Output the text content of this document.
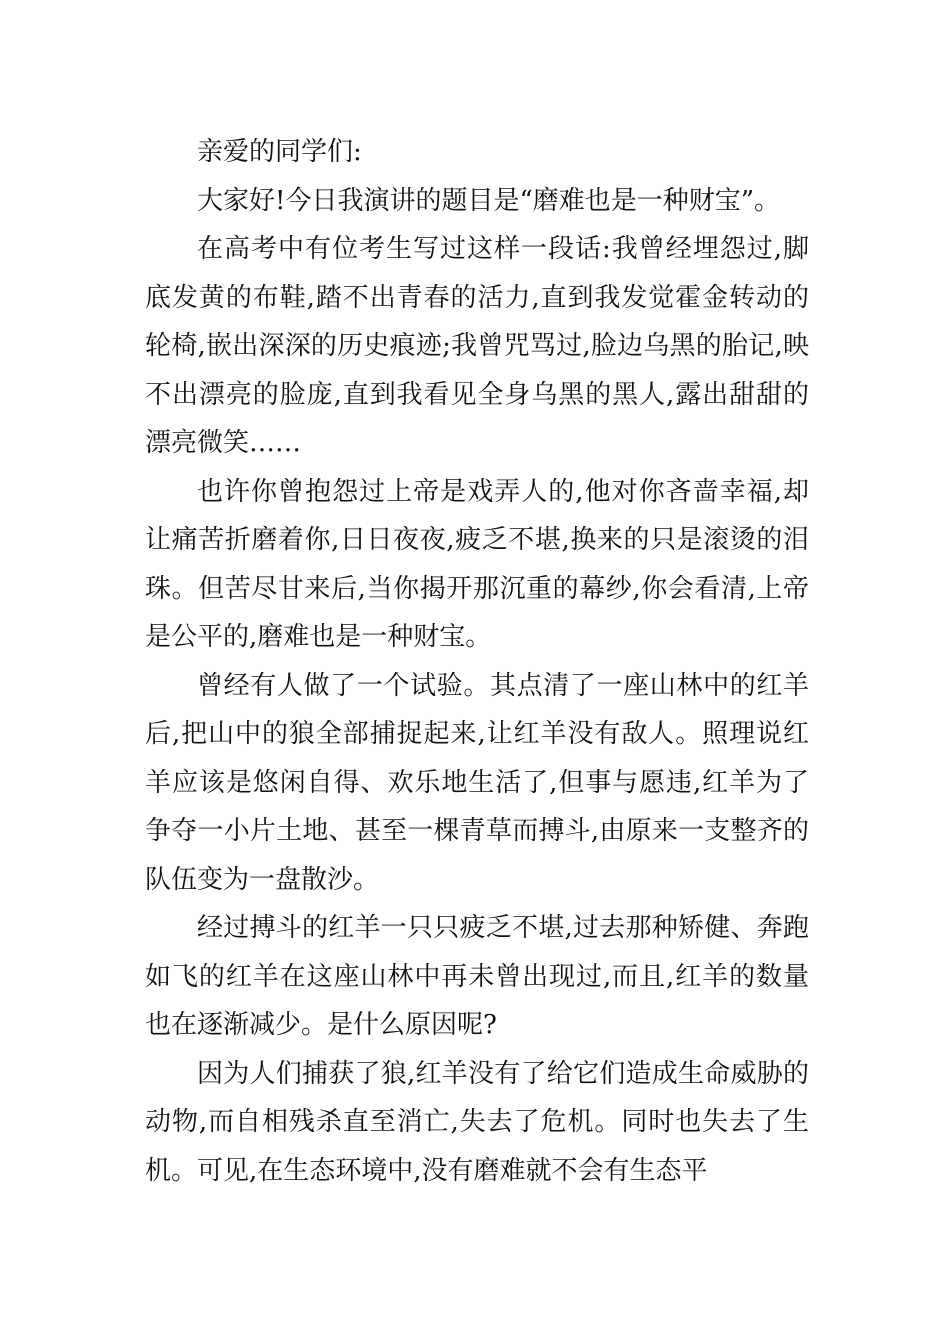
亲爱的同学们:

大家好!今日我演讲的题目是“磨难也是一种财宝”。

在高考中有位考生写过这样一段话:我曾经埋怨过,脚底发黄的布鞋,踏不出青春的活力,直到我发觉霍金转动的轮椅,嵌出深深的历史痕迹;我曾咒骂过,脸边乌黑的胎记,映不出漂亮的脸庞,直到我看见全身乌黑的黑人,露出甜甜的漂亮微笑……

也许你曾抱怨过上帝是戏弄人的,他对你吝啬幸福,却让痛苦折磨着你,日日夜夜,疲乏不堪,换来的只是滚烫的泪珠。但苦尽甘来后,当你揭开那沉重的幕纱,你会看清,上帝是公平的,磨难也是一种财宝。

曾经有人做了一个试验。其点清了一座山林中的红羊后,把山中的狼全部捕捉起来,让红羊没有敌人。照理说红羊应该是悠闲自得、欢乐地生活了,但事与愿违,红羊为了争夺一小片土地、甚至一棵青草而搏斗,由原来一支整齐的队伍变为一盘散沙。

经过搏斗的红羊一只只疲乏不堪,过去那种矫健、奔跑如飞的红羊在这座山林中再未曾出现过,而且,红羊的数量也在逐渐减少。是什么原因呢?

因为人们捕获了狼,红羊没有了给它们造成生命威胁的动物,而自相残杀直至消亡,失去了危机。同时也失去了生机。可见,在生态环境中,没有磨难就不会有生态平
